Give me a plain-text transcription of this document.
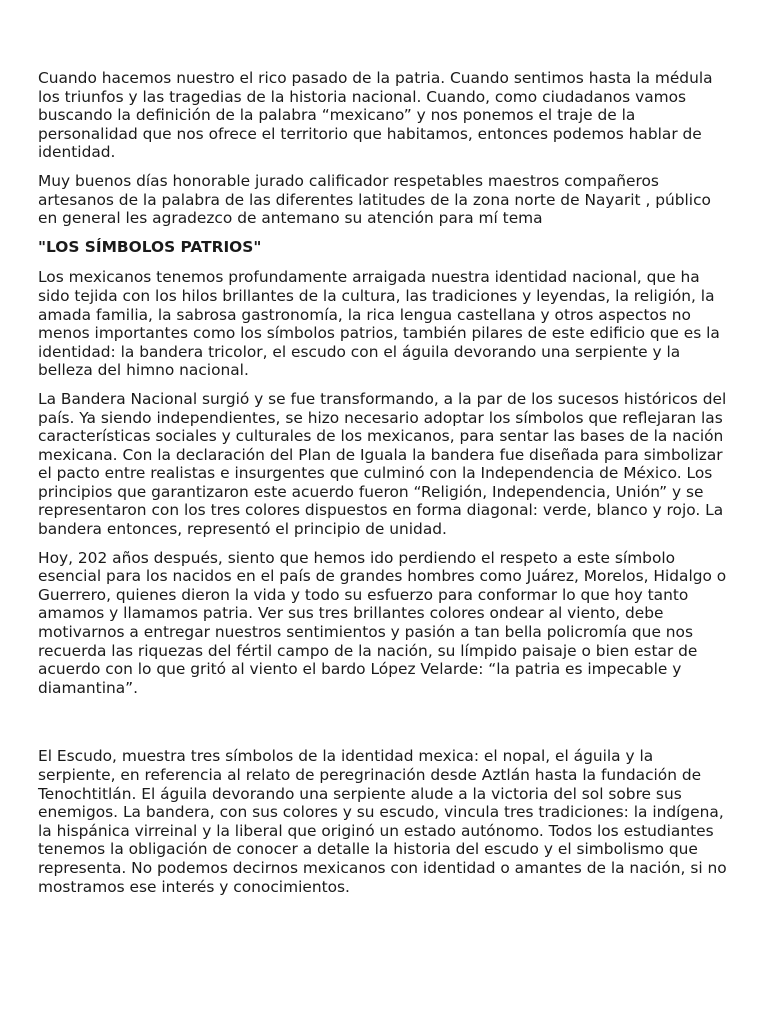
Cuando hacemos nuestro el rico pasado de la patria. Cuando sentimos hasta la médula los triunfos y las tragedias de la historia nacional. Cuando, como ciudadanos vamos buscando la definición de la palabra “mexicano” y nos ponemos el traje de la personalidad que nos ofrece el territorio que habitamos, entonces podemos hablar de identidad.

Muy buenos días honorable jurado calificador respetables maestros compañeros artesanos de la palabra de las diferentes latitudes de la zona norte de Nayarit , público en general les agradezco de antemano su atención para mí tema

"LOS SÍMBOLOS PATRIOS"

Los mexicanos tenemos profundamente arraigada nuestra identidad nacional, que ha sido tejida con los hilos brillantes de la cultura, las tradiciones y leyendas, la religión, la amada familia, la sabrosa gastronomía, la rica lengua castellana y otros aspectos no menos importantes como los símbolos patrios, también pilares de este edificio que es la identidad: la bandera tricolor, el escudo con el águila devorando una serpiente y la belleza del himno nacional.

La Bandera Nacional surgió y se fue transformando, a la par de los sucesos históricos del país. Ya siendo independientes, se hizo necesario adoptar los símbolos que reflejaran las características sociales y culturales de los mexicanos, para sentar las bases de la nación mexicana. Con la declaración del Plan de Iguala la bandera fue diseñada para simbolizar el pacto entre realistas e insurgentes que culminó con la Independencia de México. Los principios que garantizaron este acuerdo fueron “Religión, Independencia, Unión” y se representaron con los tres colores dispuestos en forma diagonal: verde, blanco y rojo. La bandera entonces, representó el principio de unidad.

Hoy, 202 años después, siento que hemos ido perdiendo el respeto a este símbolo esencial para los nacidos en el país de grandes hombres como Juárez, Morelos, Hidalgo o Guerrero, quienes dieron la vida y todo su esfuerzo para conformar lo que hoy tanto amamos y llamamos patria. Ver sus tres brillantes colores ondear al viento, debe motivarnos a entregar nuestros sentimientos y pasión a tan bella policromía que nos recuerda las riquezas del fértil campo de la nación, su límpido paisaje o bien estar de acuerdo con lo que gritó al viento el bardo López Velarde: “la patria es impecable y diamantina”.

El Escudo, muestra tres símbolos de la identidad mexica: el nopal, el águila y la serpiente, en referencia al relato de peregrinación desde Aztlán hasta la fundación de Tenochtitlán. El águila devorando una serpiente alude a la victoria del sol sobre sus enemigos. La bandera, con sus colores y su escudo, vincula tres tradiciones: la indígena, la hispánica virreinal y la liberal que originó un estado autónomo. Todos los estudiantes tenemos la obligación de conocer a detalle la historia del escudo y el simbolismo que representa. No podemos decirnos mexicanos con identidad o amantes de la nación, si no mostramos ese interés y conocimientos.
